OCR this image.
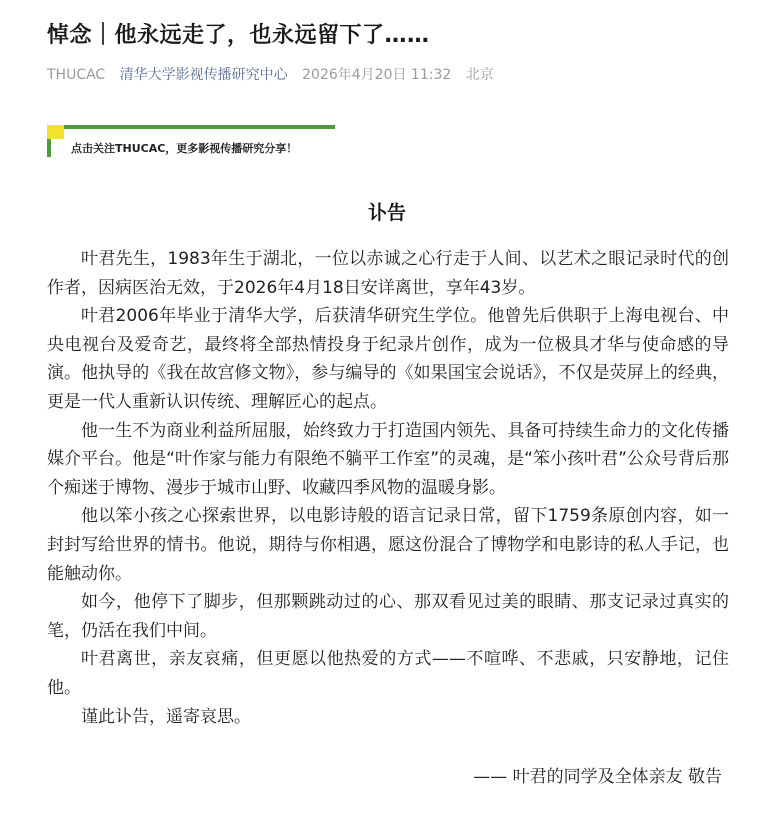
悼念｜他永远走了，也永远留下了……
THUCAC 清华大学影视传播研究中心 2026年4月20日 11:32 北京
点击关注THUCAC，更多影视传播研究分享！
讣告

叶君先生，1983年生于湖北，一位以赤诚之心行走于人间、以艺术之眼记录时代的创作者，因病医治无效，于2026年4月18日安详离世，享年43岁。

叶君2006年毕业于清华大学，后获清华研究生学位。他曾先后供职于上海电视台、中央电视台及爱奇艺，最终将全部热情投身于纪录片创作，成为一位极具才华与使命感的导演。他执导的《我在故宫修文物》，参与编导的《如果国宝会说话》，不仅是荧屏上的经典，更是一代人重新认识传统、理解匠心的起点。

他一生不为商业利益所屈服，始终致力于打造国内领先、具备可持续生命力的文化传播媒介平台。他是“叶作家与能力有限绝不躺平工作室”的灵魂，是“笨小孩叶君”公众号背后那个痴迷于博物、漫步于城市山野、收藏四季风物的温暖身影。

他以笨小孩之心探索世界，以电影诗般的语言记录日常，留下1759条原创内容，如一封封写给世界的情书。他说，期待与你相遇，愿这份混合了博物学和电影诗的私人手记，也能触动你。

如今，他停下了脚步，但那颗跳动过的心、那双看见过美的眼睛、那支记录过真实的笔，仍活在我们中间。

叶君离世，亲友哀痛，但更愿以他热爱的方式——不喧哗、不悲戚，只安静地，记住他。

谨此讣告，遥寄哀思。

—— 叶君的同学及全体亲友 敬告
